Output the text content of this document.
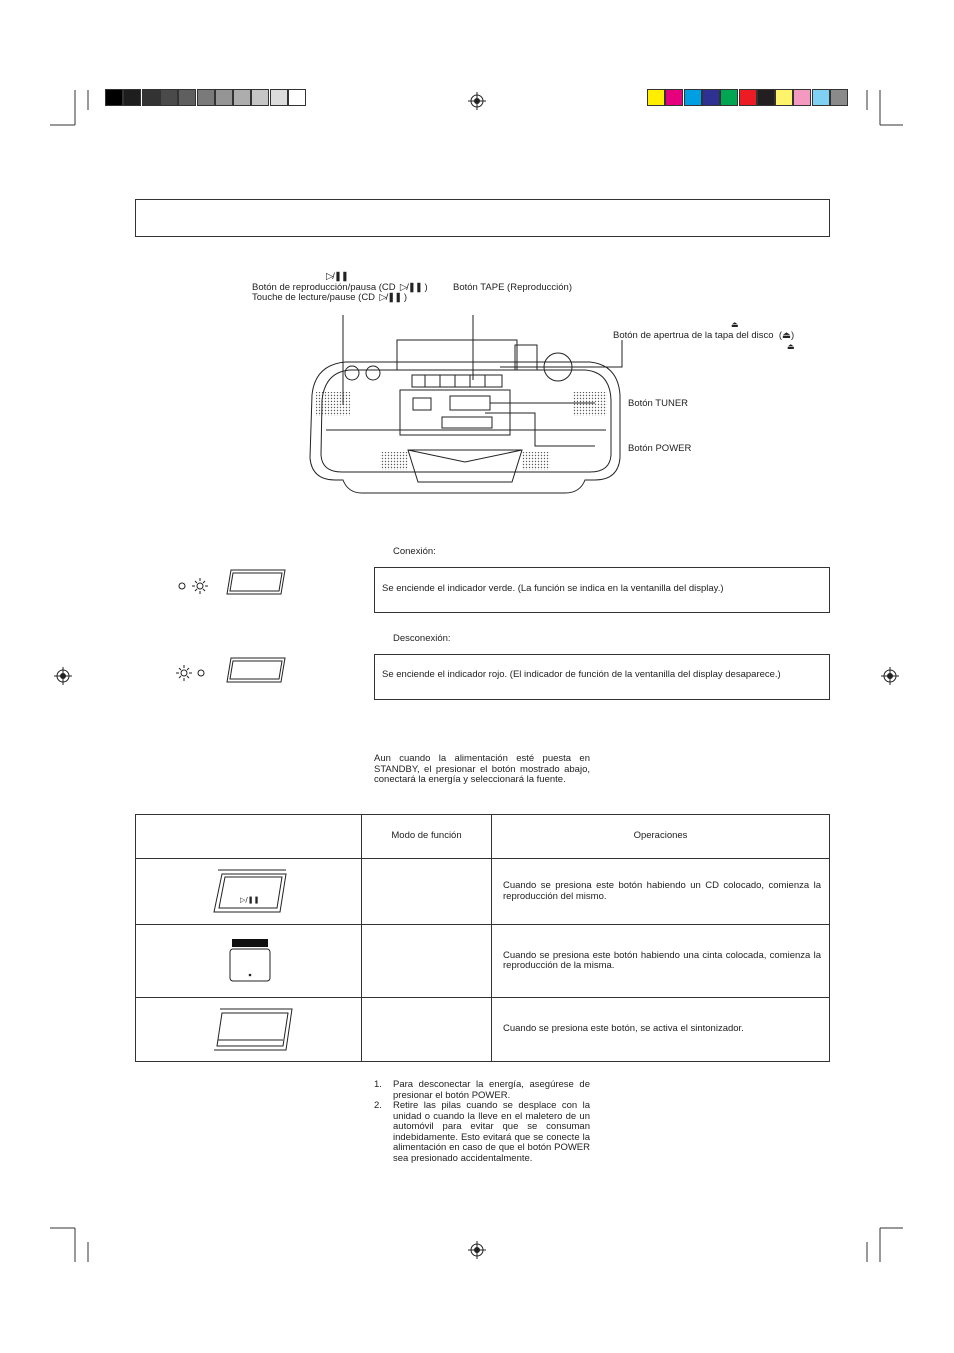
Botón de reproducción/pausa (CD  ▷/❚❚ )
Touche de lecture/pause (CD  ▷/❚❚ )
▷/❚❚
Botón TAPE (Reproducción)
⏏
Botón de apertrua de la tapa del disco  (⏏)
⏏
Botón TUNER
Botón POWER
Conexión:
Se enciende el indicador verde. (La función se indica en la ventanilla del display.)
Desconexión:
Se enciende el indicador rojo. (El indicador de función de la ventanilla del display desaparece.)
Aun cuando la alimentación esté puesta en STANDBY, el presionar el botón mostrado abajo, conectará la energía y seleccionará la fuente.
	Modo de función	Operaciones

▷/❚❚		Cuando se presiona este botón habiendo un CD colocado, comienza la reproducción del mismo.

		Cuando se presiona este botón habiendo una cinta colocada, comienza la reproducción de la misma.

		Cuando se presiona este botón, se activa el sintonizador.
1.	Para desconectar la energía, asegúrese de presionar el botón POWER.
2.	Retire las pilas cuando se desplace con la unidad o cuando la lleve en el maletero de un automóvil para evitar que se consuman indebidamente. Esto evitará que se conecte la alimentación en caso de que el botón POWER sea presionado accidentalmente.
